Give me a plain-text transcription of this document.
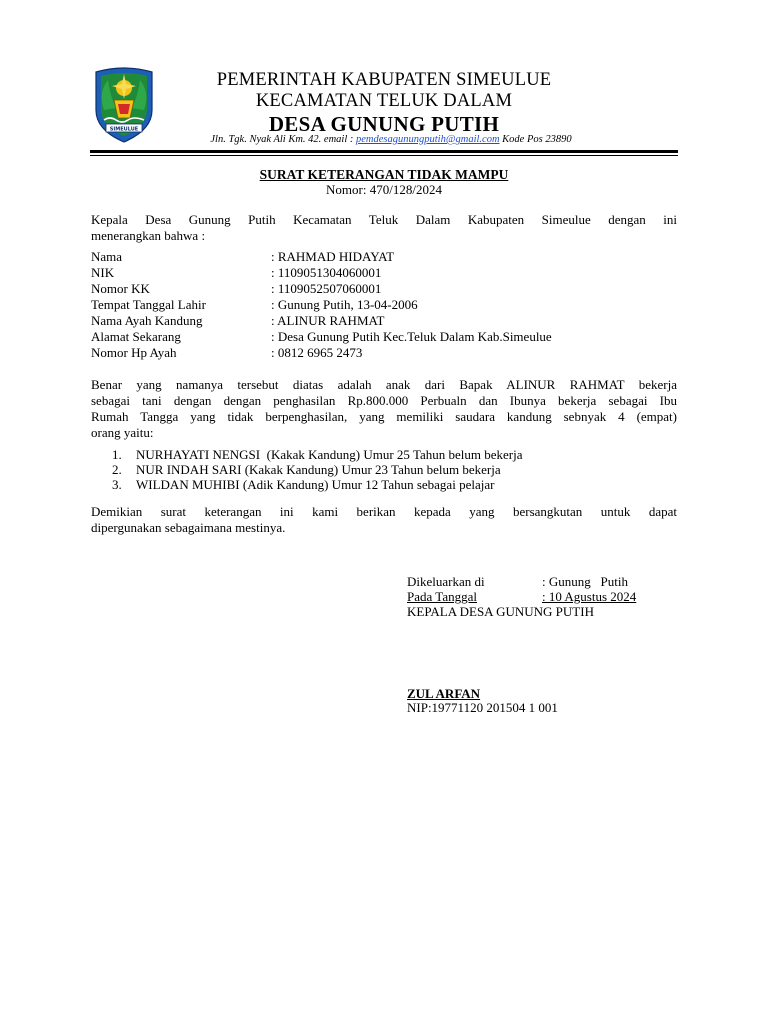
SIMEULUE
PEMERINTAH KABUPATEN SIMEULUE
KECAMATAN TELUK DALAM
DESA GUNUNG PUTIH
Jln. Tgk. Nyak Ali Km. 42. email : pemdesagunungputih@gmail.com Kode Pos 23890
SURAT KETERANGAN TIDAK MAMPU
Nomor: 470/128/2024
Kepala Desa Gunung Putih Kecamatan Teluk Dalam Kabupaten Simeulue dengan ini
menerangkan bahwa :
Nama	: RAHMAD HIDAYAT
NIK	: 1109051304060001
Nomor KK	: 1109052507060001
Tempat Tanggal Lahir	: Gunung Putih, 13-04-2006
Nama Ayah Kandung	: ALINUR RAHMAT
Alamat Sekarang	: Desa Gunung Putih Kec.Teluk Dalam Kab.Simeulue
Nomor Hp Ayah	: 0812 6965 2473
Benar yang namanya tersebut diatas adalah anak dari Bapak ALINUR RAHMAT bekerja
sebagai tani dengan dengan penghasilan Rp.800.000 Perbualn dan Ibunya bekerja sebagai Ibu
Rumah Tangga yang tidak berpenghasilan, yang memiliki saudara kandung sebnyak 4 (empat)
orang yaitu:
1.	NURHAYATI NENGSI  (Kakak Kandung) Umur 25 Tahun belum bekerja
2.	NUR INDAH SARI (Kakak Kandung) Umur 23 Tahun belum bekerja
3.	WILDAN MUHIBI (Adik Kandung) Umur 12 Tahun sebagai pelajar
Demikian surat keterangan ini kami berikan kepada yang bersangkutan untuk dapat
dipergunakan sebagaimana mestinya.
Dikeluarkan di	: Gunung   Putih
Pada Tanggal	: 10 Agustus 2024
KEPALA DESA GUNUNG PUTIH
ZUL ARFAN
NIP:19771120 201504 1 001
